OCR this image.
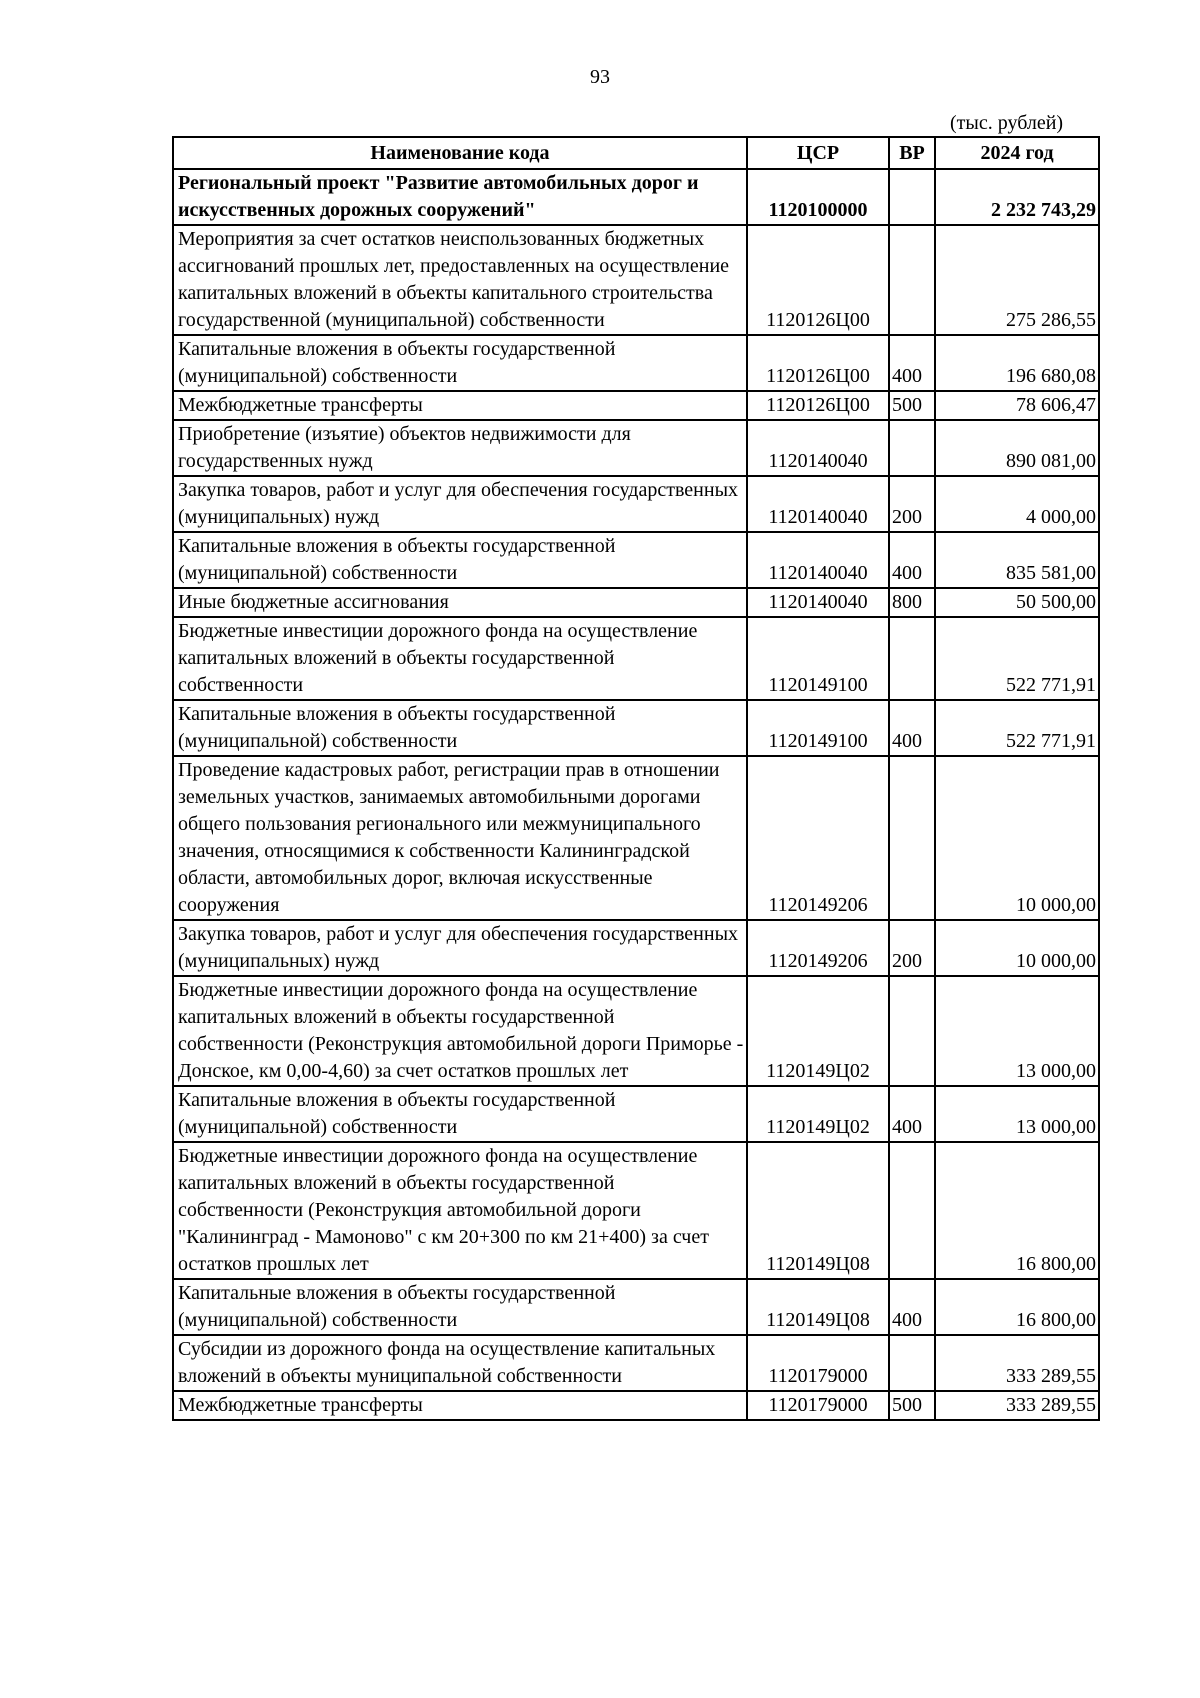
93
(тыс. рублей)
Наименование кода	ЦСР	ВР	2024 год
Региональный проект "Развитие автомобильных дорог и искусственных дорожных сооружений"	1120100000		2 232 743,29
Мероприятия за счет остатков неиспользованных бюджетных ассигнований прошлых лет, предоставленных на осуществление капитальных вложений в объекты капитального строительства государственной (муниципальной) собственности	1120126Ц00		275 286,55
Капитальные вложения в объекты государственной (муниципальной) собственности	1120126Ц00	400	196 680,08
Межбюджетные трансферты	1120126Ц00	500	78 606,47
Приобретение (изъятие) объектов недвижимости для государственных нужд	1120140040		890 081,00
Закупка товаров, работ и услуг для обеспечения государственных (муниципальных) нужд	1120140040	200	4 000,00
Капитальные вложения в объекты государственной (муниципальной) собственности	1120140040	400	835 581,00
Иные бюджетные ассигнования	1120140040	800	50 500,00
Бюджетные инвестиции дорожного фонда на осуществление капитальных вложений в объекты государственной собственности	1120149100		522 771,91
Капитальные вложения в объекты государственной (муниципальной) собственности	1120149100	400	522 771,91
Проведение кадастровых работ, регистрации прав в отношении земельных участков, занимаемых автомобильными дорогами общего пользования регионального или межмуниципального значения, относящимися к собственности Калининградской области, автомобильных дорог, включая искусственные сооружения	1120149206		10 000,00
Закупка товаров, работ и услуг для обеспечения государственных (муниципальных) нужд	1120149206	200	10 000,00
Бюджетные инвестиции дорожного фонда на осуществление капитальных вложений в объекты государственной собственности (Реконструкция автомобильной дороги Приморье - Донское, км 0,00-4,60) за счет остатков прошлых лет	1120149Ц02		13 000,00
Капитальные вложения в объекты государственной (муниципальной) собственности	1120149Ц02	400	13 000,00
Бюджетные инвестиции дорожного фонда на осуществление капитальных вложений в объекты государственной собственности (Реконструкция автомобильной дороги "Калининград - Мамоново" с км 20+300 по км 21+400) за счет остатков прошлых лет	1120149Ц08		16 800,00
Капитальные вложения в объекты государственной (муниципальной) собственности	1120149Ц08	400	16 800,00
Субсидии из дорожного фонда на осуществление капитальных вложений в объекты муниципальной собственности	1120179000		333 289,55
Межбюджетные трансферты	1120179000	500	333 289,55
